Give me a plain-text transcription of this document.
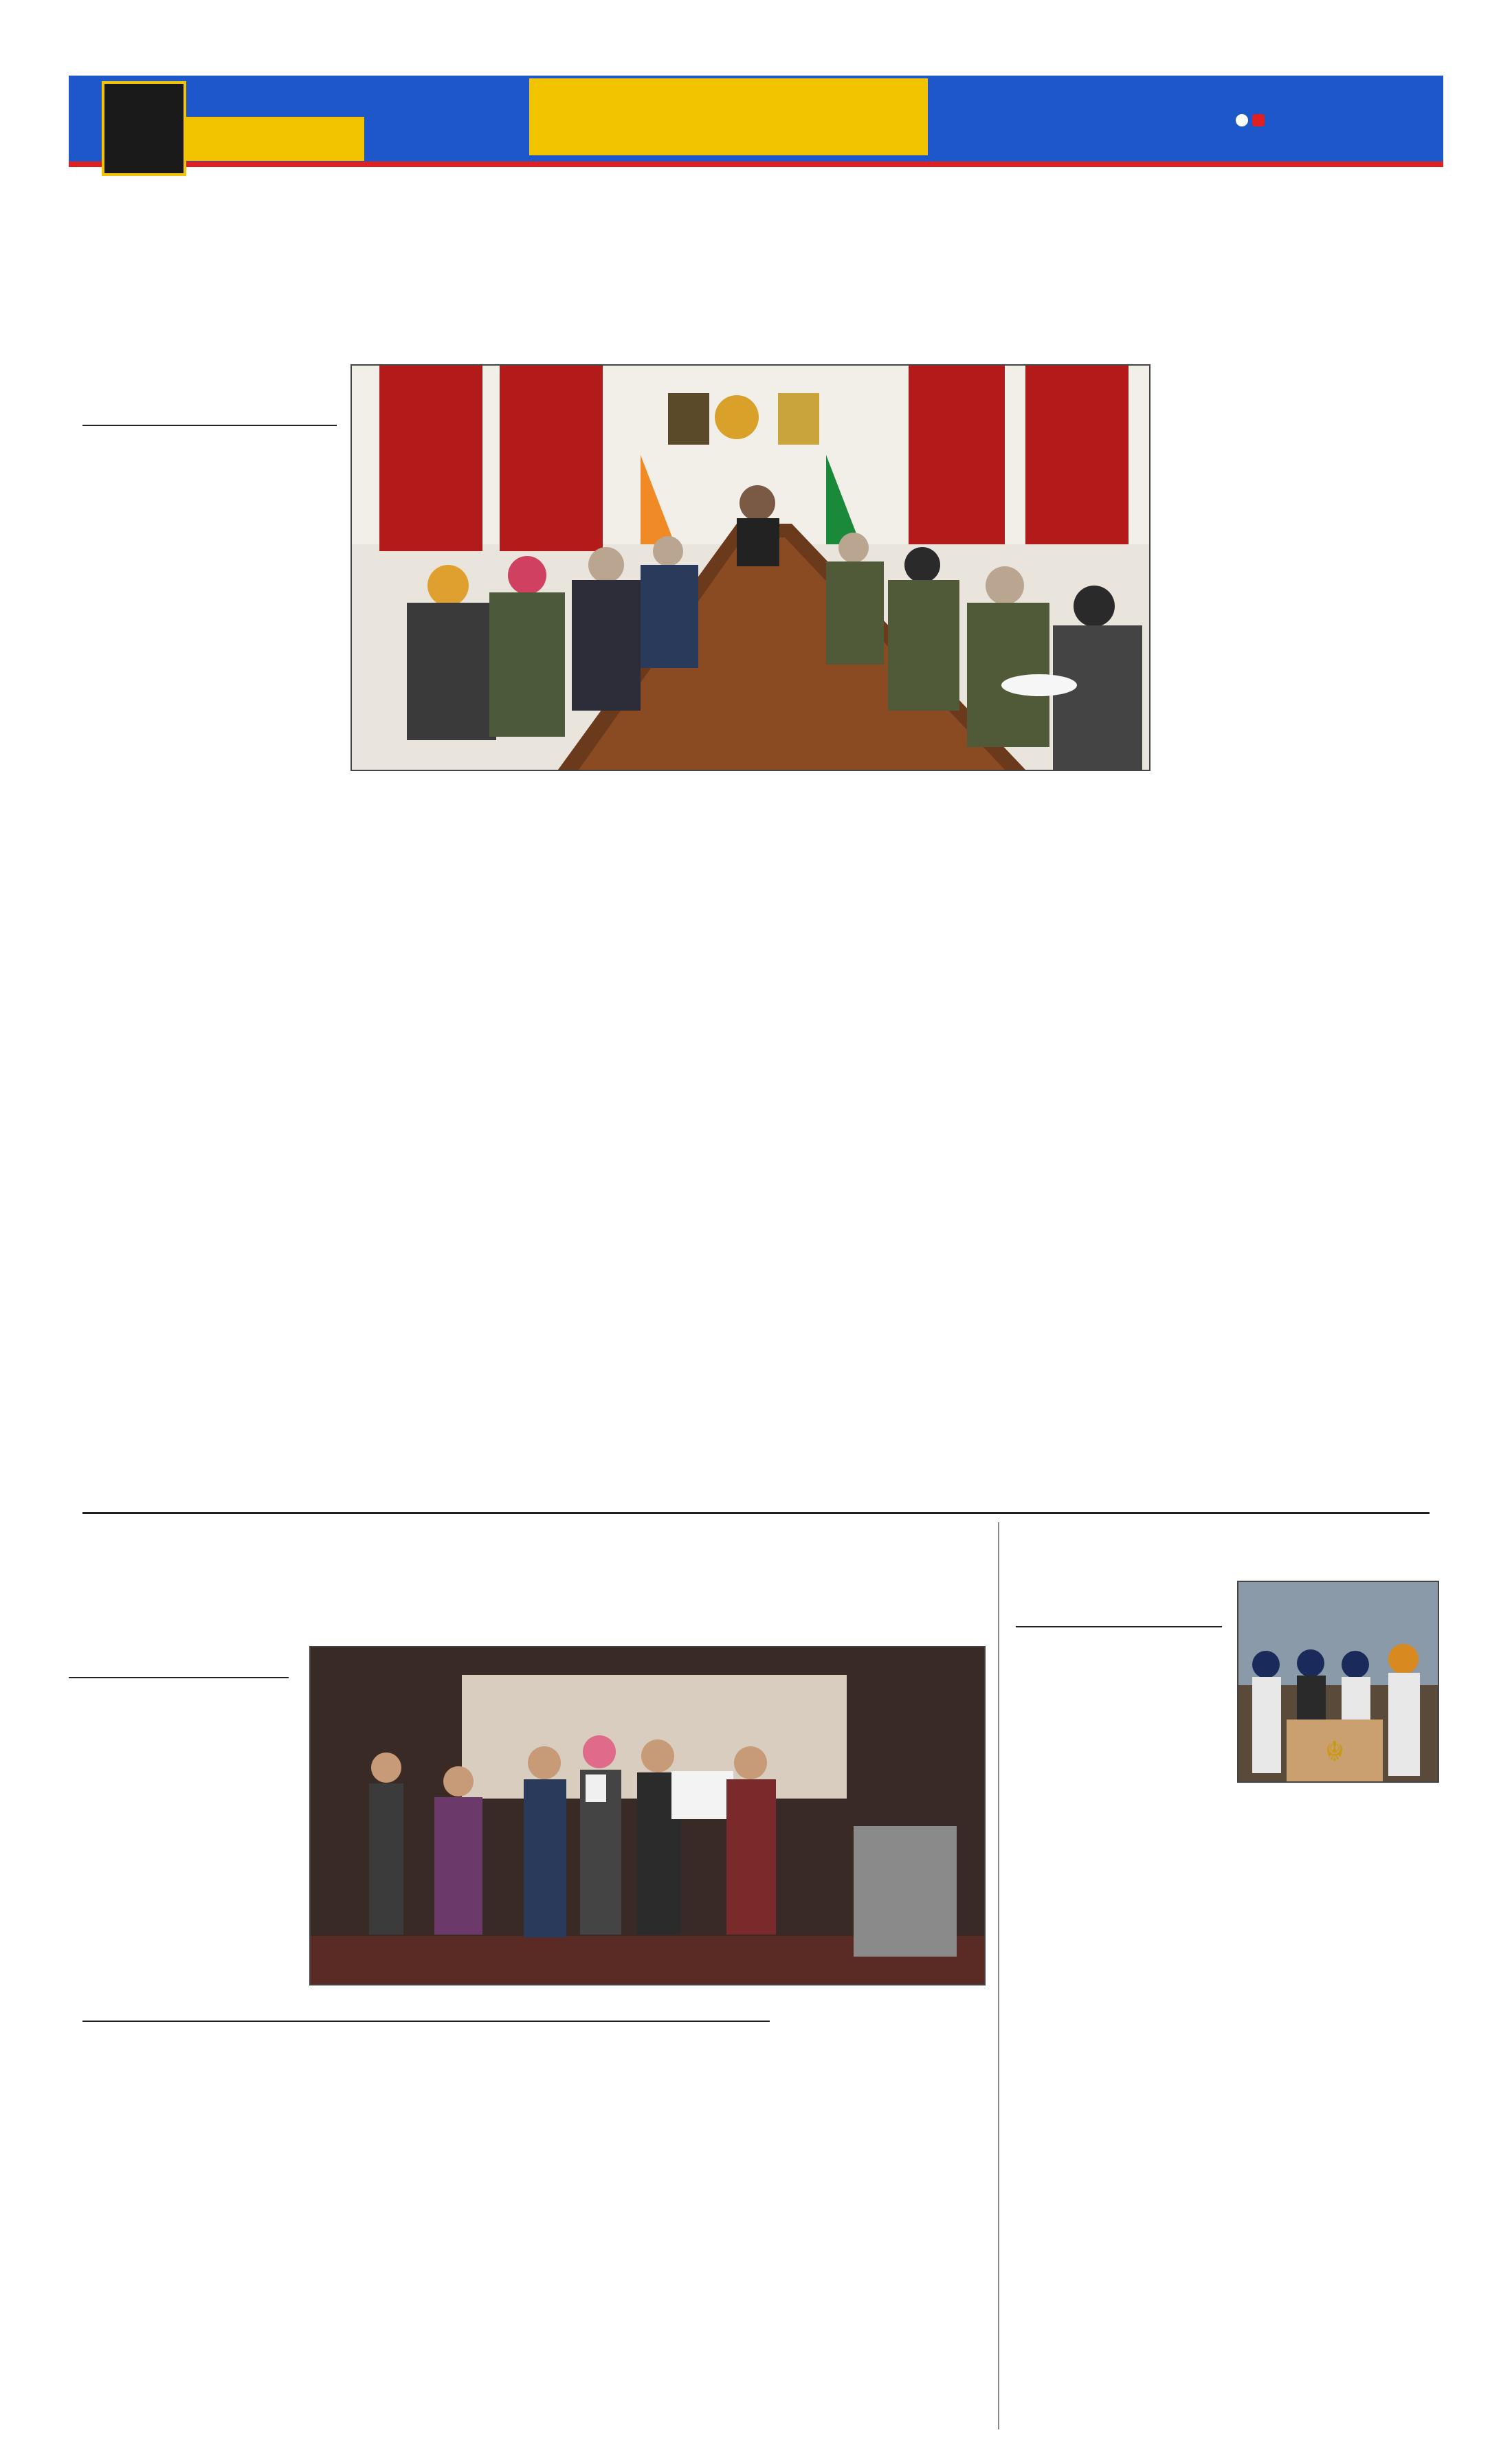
☬
